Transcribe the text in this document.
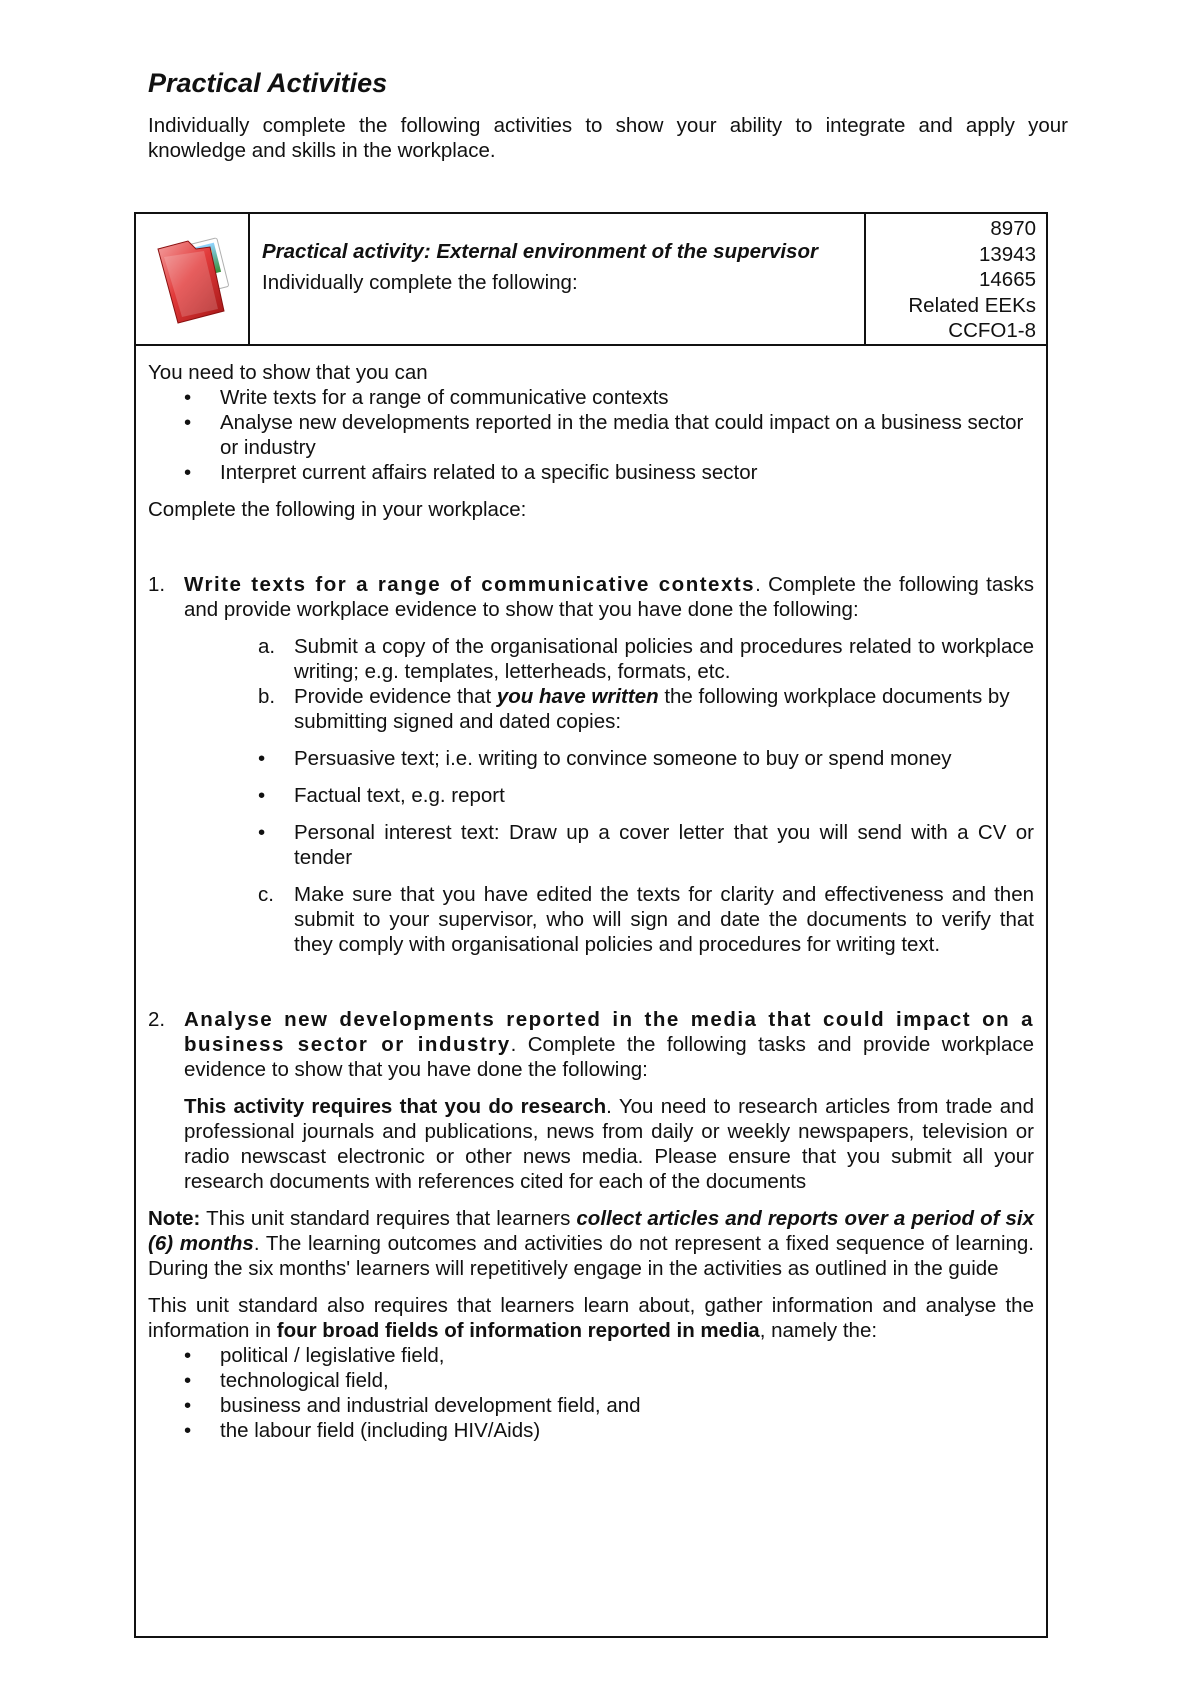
Practical Activities

Individually complete the following activities to show your ability to integrate and apply your knowledge and skills in the workplace.

Practical activity: External environment of the supervisor
Individually complete the following:
8970
13943
14665
Related EEKs
CCFO1-8

You need to show that you can

• Write texts for a range of communicative contexts
• Analyse new developments reported in the media that could impact on a business sector or industry
• Interpret current affairs related to a specific business sector

Complete the following in your workplace:

1. Write texts for a range of communicative contexts. Complete the following tasks and provide workplace evidence to show that you have done the following:
a. Submit a copy of the organisational policies and procedures related to workplace writing; e.g. templates, letterheads, formats, etc.
b. Provide evidence that you have written the following workplace documents by submitting signed and dated copies:
• Persuasive text; i.e. writing to convince someone to buy or spend money
• Factual text, e.g. report
• Personal interest text: Draw up a cover letter that you will send with a CV or tender
c. Make sure that you have edited the texts for clarity and effectiveness and then submit to your supervisor, who will sign and date the documents to verify that they comply with organisational policies and procedures for writing text.
2. Analyse new developments reported in the media that could impact on a business sector or industry. Complete the following tasks and provide workplace evidence to show that you have done the following:
This activity requires that you do research. You need to research articles from trade and professional journals and publications, news from daily or weekly newspapers, television or radio newscast electronic or other news media. Please ensure that you submit all your research documents with references cited for each of the documents

Note: This unit standard requires that learners collect articles and reports over a period of six (6) months. The learning outcomes and activities do not represent a fixed sequence of learning. During the six months' learners will repetitively engage in the activities as outlined in the guide

This unit standard also requires that learners learn about, gather information and analyse the information in four broad fields of information reported in media, namely the:

• political / legislative field,
• technological field,
• business and industrial development field, and
• the labour field (including HIV/Aids)
